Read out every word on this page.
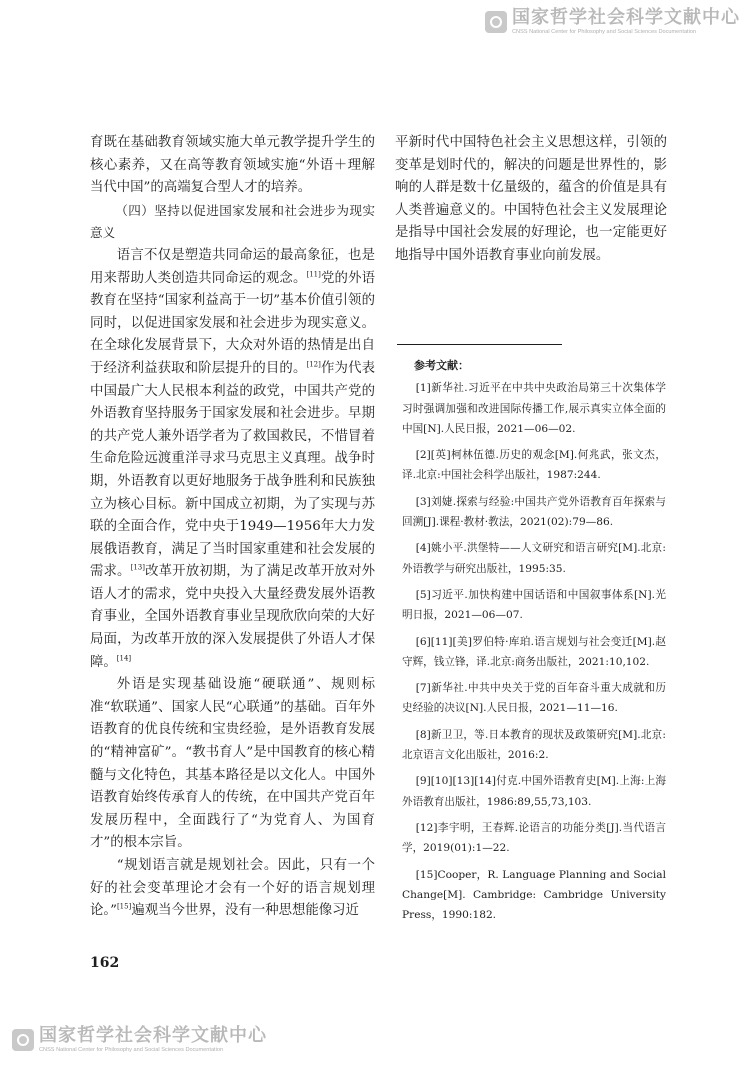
国家哲学社会科学文献中心
CNSS National Center for Philosophy and Social Sciences Documentation
国家哲学社会科学文献中心
CNSS National Center for Philosophy and Social Sciences Documentation

育既在基础教育领域实施大单元教学提升学生的核心素养，又在高等教育领域实施“外语＋理解当代中国”的高端复合型人才的培养。

（四）坚持以促进国家发展和社会进步为现实意义

语言不仅是塑造共同命运的最高象征，也是用来帮助人类创造共同命运的观念。[11]党的外语教育在坚持“国家利益高于一切”基本价值引领的同时，以促进国家发展和社会进步为现实意义。在全球化发展背景下，大众对外语的热情是出自于经济利益获取和阶层提升的目的。[12]作为代表中国最广大人民根本利益的政党，中国共产党的外语教育坚持服务于国家发展和社会进步。早期的共产党人兼外语学者为了救国救民，不惜冒着生命危险远渡重洋寻求马克思主义真理。战争时期，外语教育以更好地服务于战争胜利和民族独立为核心目标。新中国成立初期，为了实现与苏联的全面合作，党中央于1949—1956年大力发展俄语教育，满足了当时国家重建和社会发展的需求。[13]改革开放初期，为了满足改革开放对外语人才的需求，党中央投入大量经费发展外语教育事业，全国外语教育事业呈现欣欣向荣的大好局面，为改革开放的深入发展提供了外语人才保障。[14]

外语是实现基础设施“硬联通”、规则标准“软联通”、国家人民“心联通”的基础。百年外语教育的优良传统和宝贵经验，是外语教育发展的“精神富矿”。“教书育人”是中国教育的核心精髓与文化特色，其基本路径是以文化人。中国外语教育始终传承育人的传统，在中国共产党百年发展历程中，全面践行了“为党育人、为国育才”的根本宗旨。

“规划语言就是规划社会。因此，只有一个好的社会变革理论才会有一个好的语言规划理论。”[15]遍观当今世界，没有一种思想能像习近

平新时代中国特色社会主义思想这样，引领的变革是划时代的，解决的问题是世界性的，影响的人群是数十亿量级的，蕴含的价值是具有人类普遍意义的。中国特色社会主义发展理论是指导中国社会发展的好理论，也一定能更好地指导中国外语教育事业向前发展。

参考文献：

[1]新华社.习近平在中共中央政治局第三十次集体学习时强调加强和改进国际传播工作,展示真实立体全面的中国[N].人民日报，2021—06—02.

[2][英]柯林伍德.历史的观念[M].何兆武，张文杰，译.北京:中国社会科学出版社，1987:244.

[3]刘婕.探索与经验:中国共产党外语教育百年探索与回溯[J].课程·教材·教法，2021(02):79—86.

[4]姚小平.洪堡特——人文研究和语言研究[M].北京:外语教学与研究出版社，1995:35.

[5]习近平.加快构建中国话语和中国叙事体系[N].光明日报，2021—06—07.

[6][11][美]罗伯特·库珀.语言规划与社会变迁[M].赵守辉，钱立锋，译.北京:商务出版社，2021:10,102.

[7]新华社.中共中央关于党的百年奋斗重大成就和历史经验的决议[N].人民日报，2021—11—16.

[8]新卫卫，等.日本教育的现状及政策研究[M].北京:北京语言文化出版社，2016:2.

[9][10][13][14]付克.中国外语教育史[M].上海:上海外语教育出版社，1986:89,55,73,103.

[12]李宇明，王春辉.论语言的功能分类[J].当代语言学，2019(01):1—22.

[15]Cooper，R. Language Planning and Social Change[M]. Cambridge: Cambridge University Press，1990:182.

162
